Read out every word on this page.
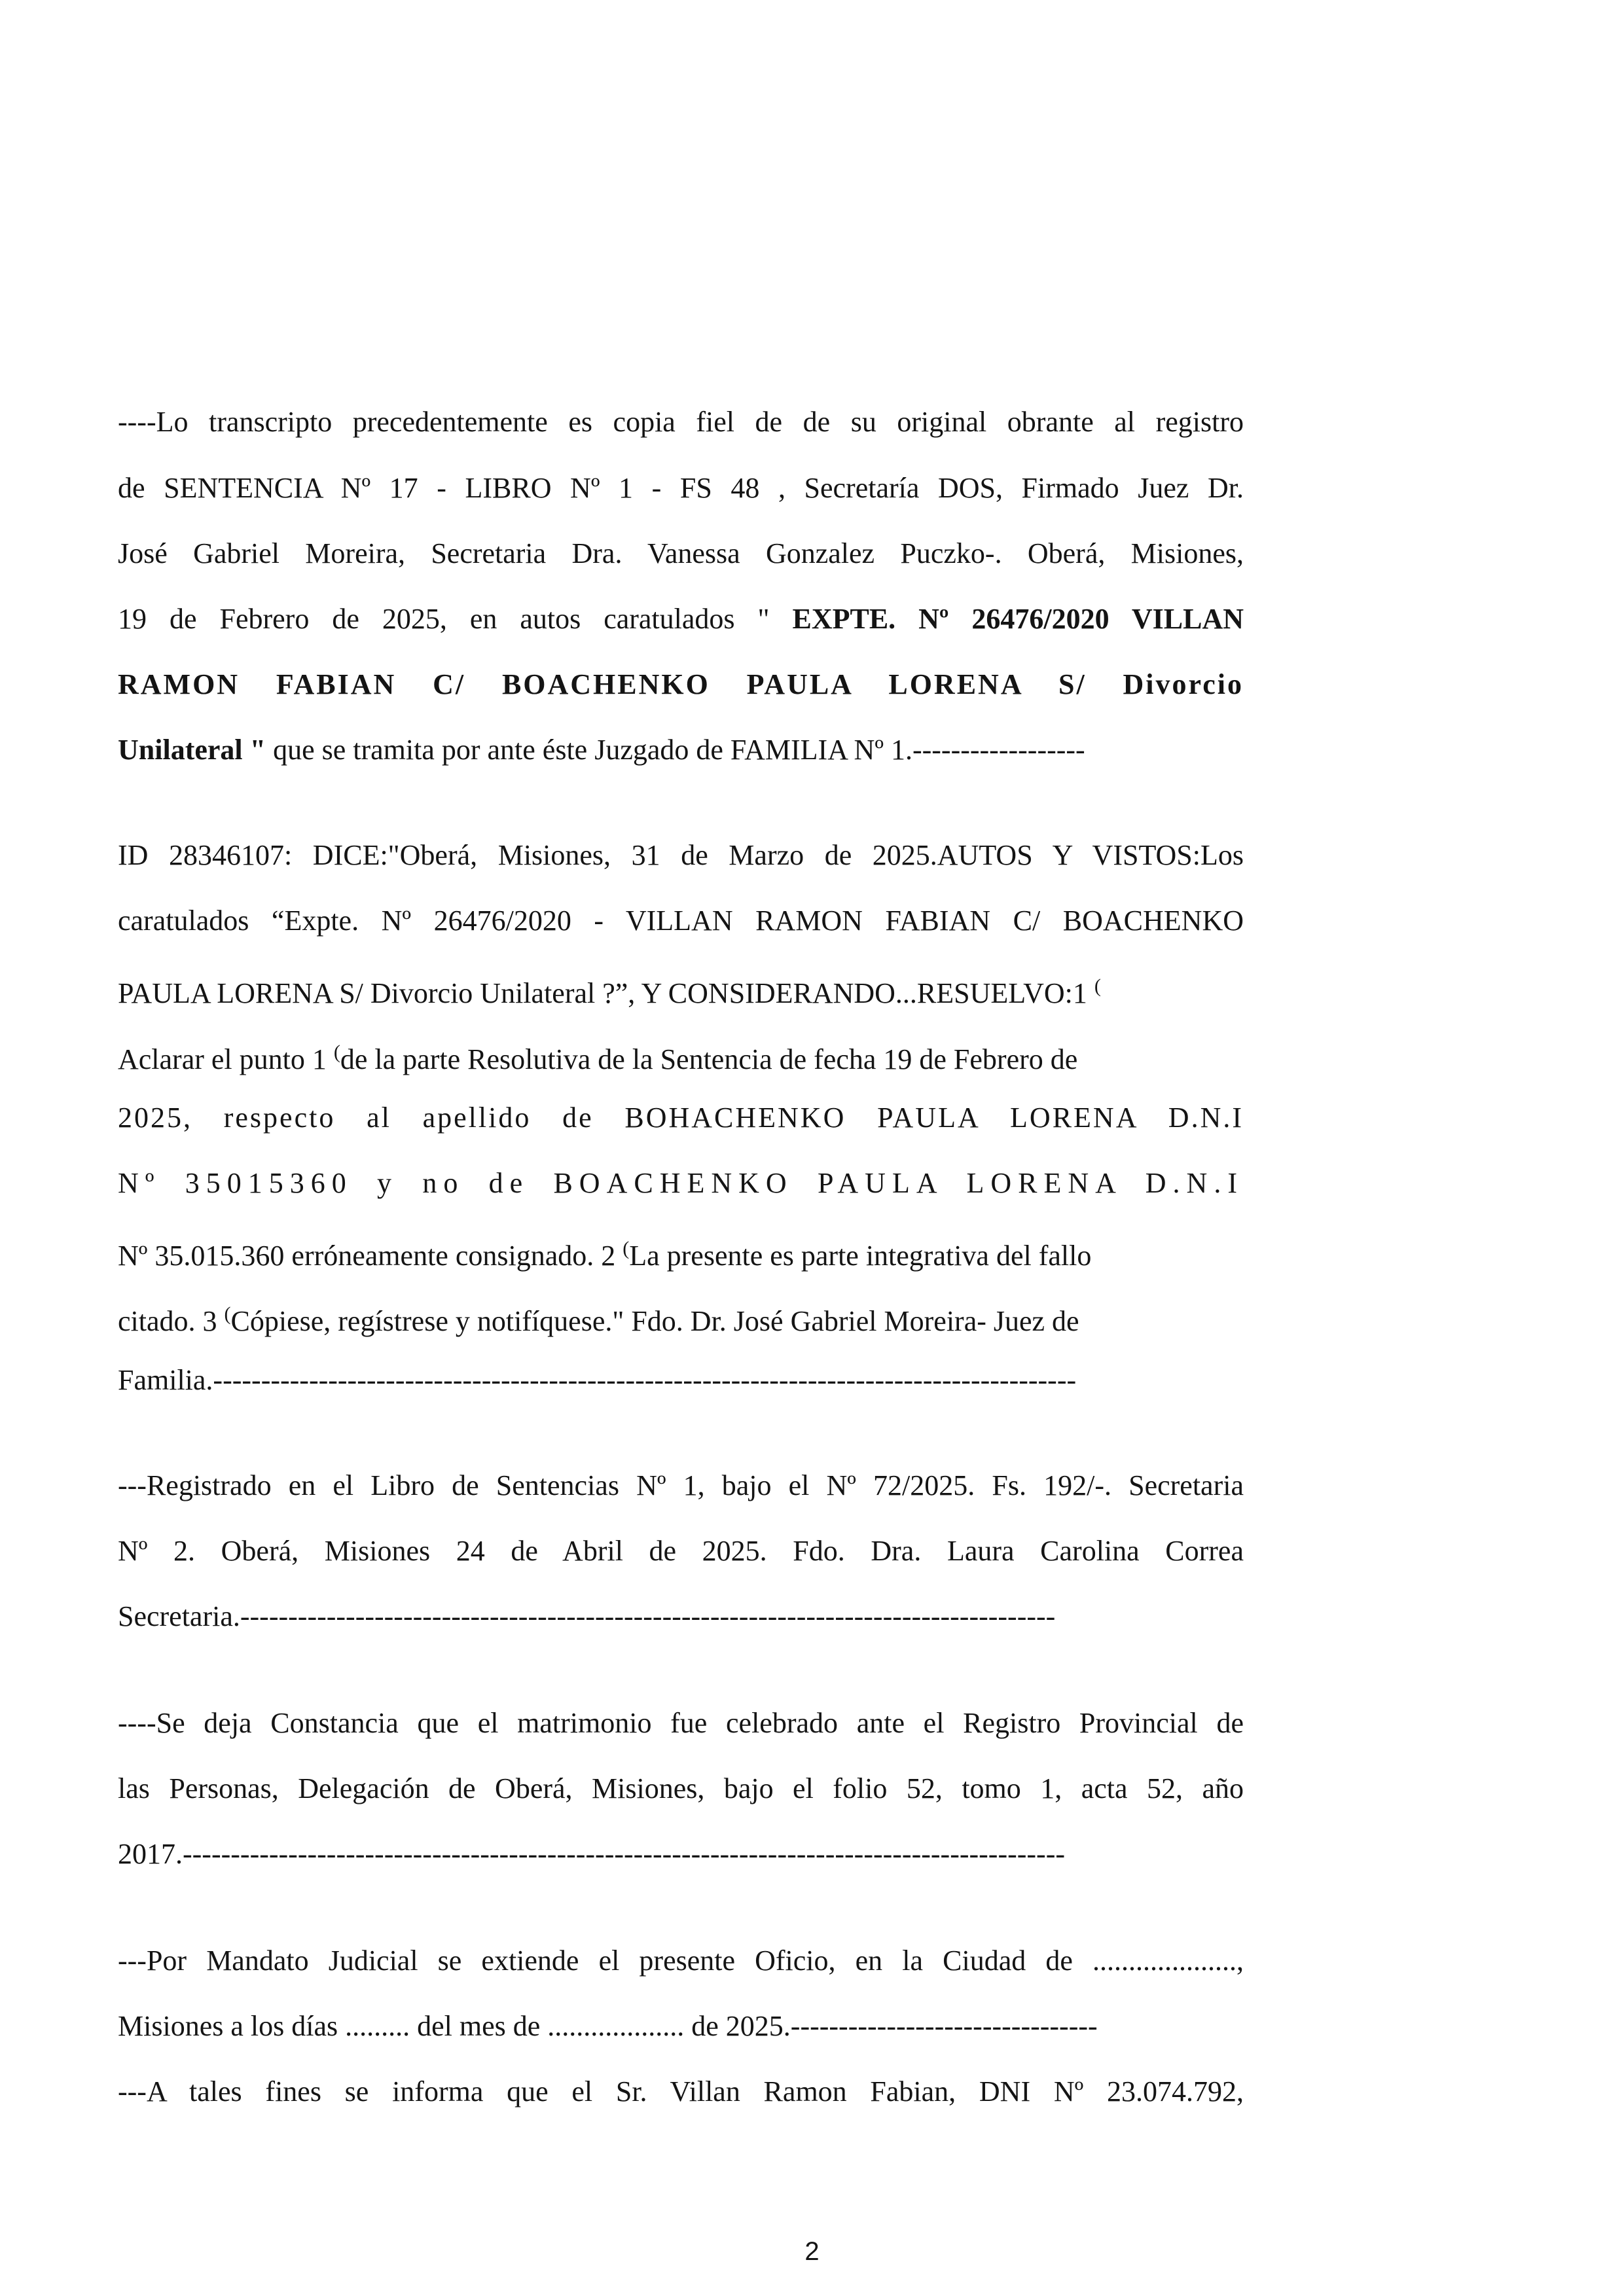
----Lo transcripto precedentemente es copia fiel de de su original obrante al registro
de SENTENCIA Nº 17 - LIBRO Nº 1 - FS 48 , Secretaría DOS, Firmado Juez Dr.
José Gabriel Moreira, Secretaria Dra. Vanessa Gonzalez Puczko-. Oberá, Misiones,
19 de Febrero de 2025, en autos caratulados " EXPTE. Nº 26476/2020 VILLAN
RAMON FABIAN C/ BOACHENKO PAULA LORENA S/ Divorcio
Unilateral " que se tramita por ante éste Juzgado de FAMILIA Nº 1.------------------
ID 28346107: DICE:"Oberá, Misiones, 31 de Marzo de 2025.AUTOS Y VISTOS:Los
caratulados “Expte. Nº 26476/2020 - VILLAN RAMON FABIAN C/ BOACHENKO
PAULA LORENA S/ Divorcio Unilateral ?”, Y CONSIDERANDO...RESUELVO:1 (
Aclarar el punto 1 (de la parte Resolutiva de la Sentencia de fecha 19 de Febrero de
2025, respecto al apellido de BOHACHENKO PAULA LORENA D.N.I
Nº 35015360 y no de BOACHENKO PAULA LORENA D.N.I
Nº 35.015.360 erróneamente consignado. 2 (La presente es parte integrativa del fallo
citado. 3 (Cópiese, regístrese y notifíquese." Fdo. Dr. José Gabriel Moreira- Juez de
Familia.------------------------------------------------------------------------------------------
---Registrado en el Libro de Sentencias Nº 1, bajo el Nº 72/2025. Fs. 192/-. Secretaria
Nº 2. Oberá, Misiones 24 de Abril de 2025. Fdo. Dra. Laura Carolina Correa
Secretaria.-------------------------------------------------------------------------------------
----Se deja Constancia que el matrimonio fue celebrado ante el Registro Provincial de
las Personas, Delegación de Oberá, Misiones, bajo el folio 52, tomo 1, acta 52, año
2017.--------------------------------------------------------------------------------------------
---Por Mandato Judicial se extiende el presente Oficio, en la Ciudad de ....................,
Misiones a los días ......... del mes de ................... de 2025.--------------------------------
---A tales fines se informa que el Sr. Villan Ramon Fabian, DNI Nº 23.074.792,
2
